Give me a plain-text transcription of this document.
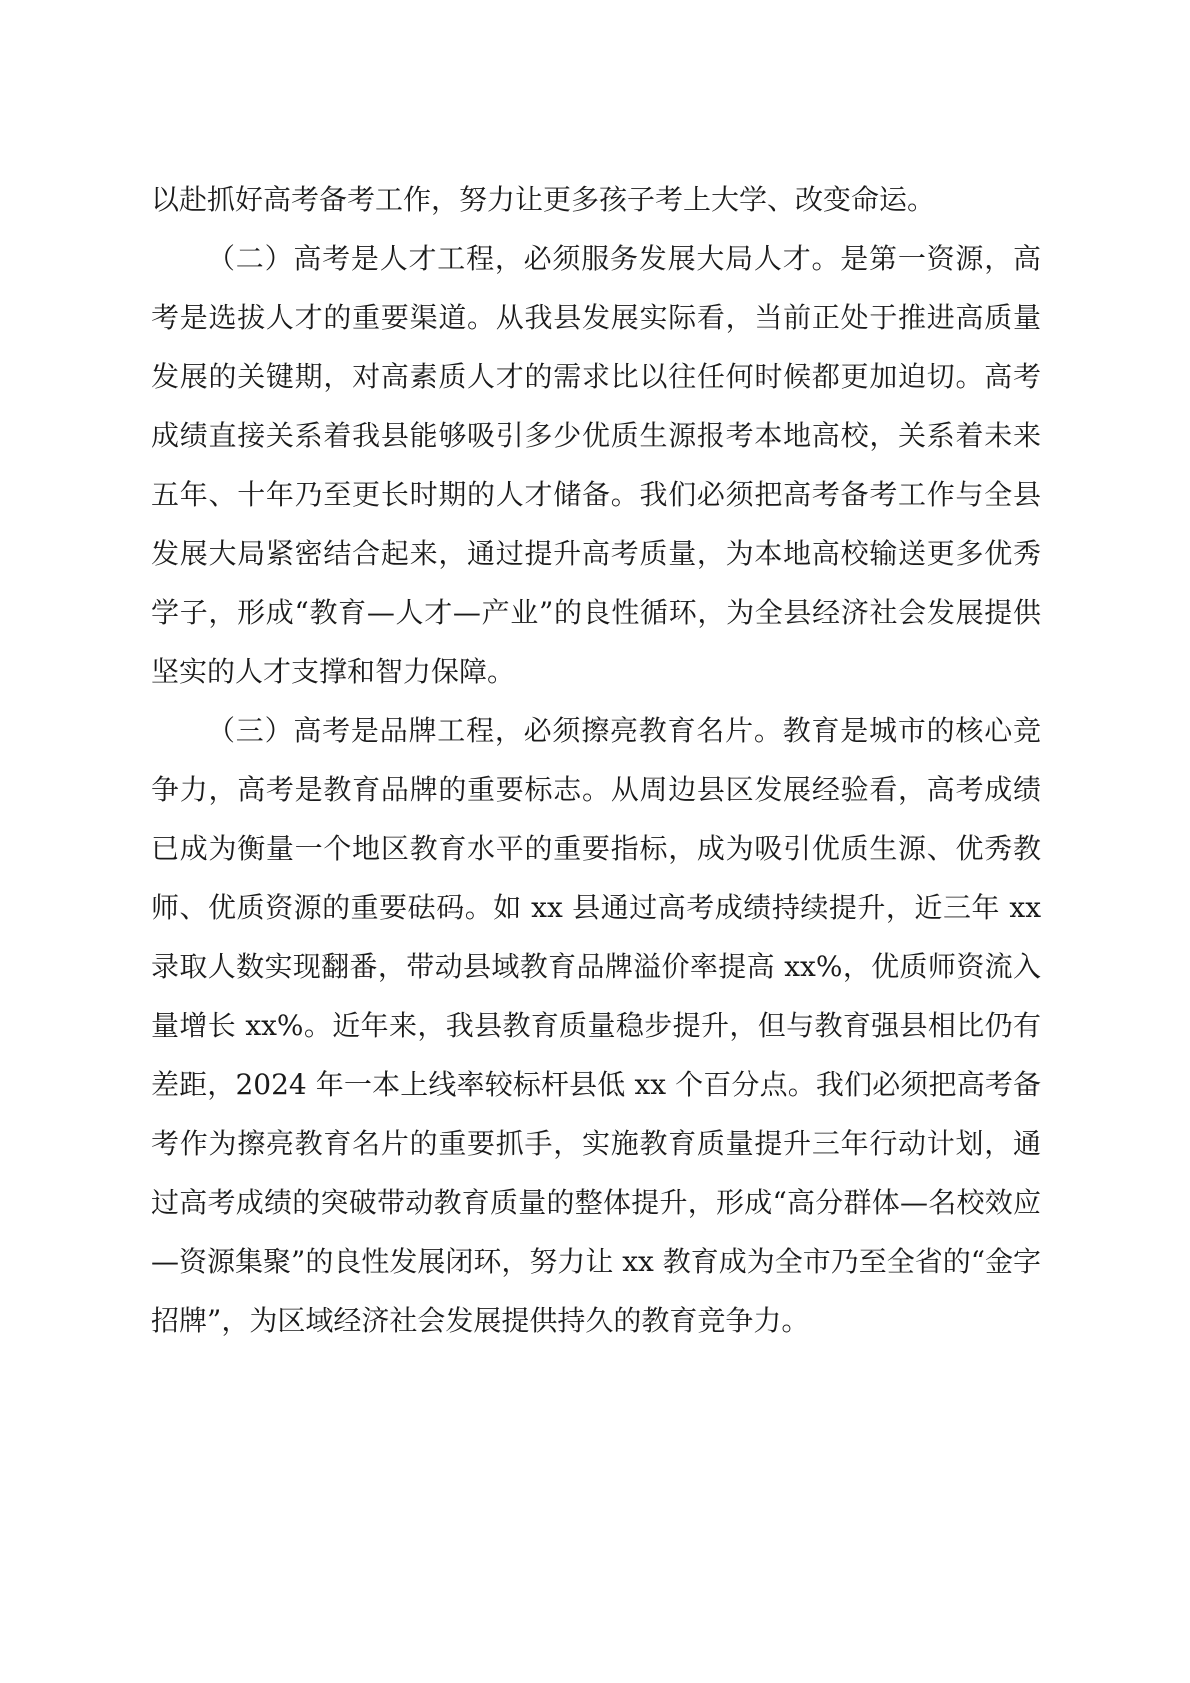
以赴抓好高考备考工作，努力让更多孩子考上大学、改变命运。

（二）高考是人才工程，必须服务发展大局人才。是第一资源，高考是选拔人才的重要渠道。从我县发展实际看，当前正处于推进高质量发展的关键期，对高素质人才的需求比以往任何时候都更加迫切。高考成绩直接关系着我县能够吸引多少优质生源报考本地高校，关系着未来五年、十年乃至更长时期的人才储备。我们必须把高考备考工作与全县发展大局紧密结合起来，通过提升高考质量，为本地高校输送更多优秀学子，形成“教育—人才—产业”的良性循环，为全县经济社会发展提供坚实的人才支撑和智力保障。

（三）高考是品牌工程，必须擦亮教育名片。教育是城市的核心竞争力，高考是教育品牌的重要标志。从周边县区发展经验看，高考成绩已成为衡量一个地区教育水平的重要指标，成为吸引优质生源、优秀教师、优质资源的重要砝码。如 xx 县通过高考成绩持续提升，近三年 xx 录取人数实现翻番，带动县域教育品牌溢价率提高 xx%，优质师资流入量增长 xx%。近年来，我县教育质量稳步提升，但与教育强县相比仍有差距，2024 年一本上线率较标杆县低 xx 个百分点。我们必须把高考备考作为擦亮教育名片的重要抓手，实施教育质量提升三年行动计划，通过高考成绩的突破带动教育质量的整体提升，形成“高分群体—名校效应—资源集聚”的良性发展闭环，努力让 xx 教育成为全市乃至全省的“金字招牌”，为区域经济社会发展提供持久的教育竞争力。
